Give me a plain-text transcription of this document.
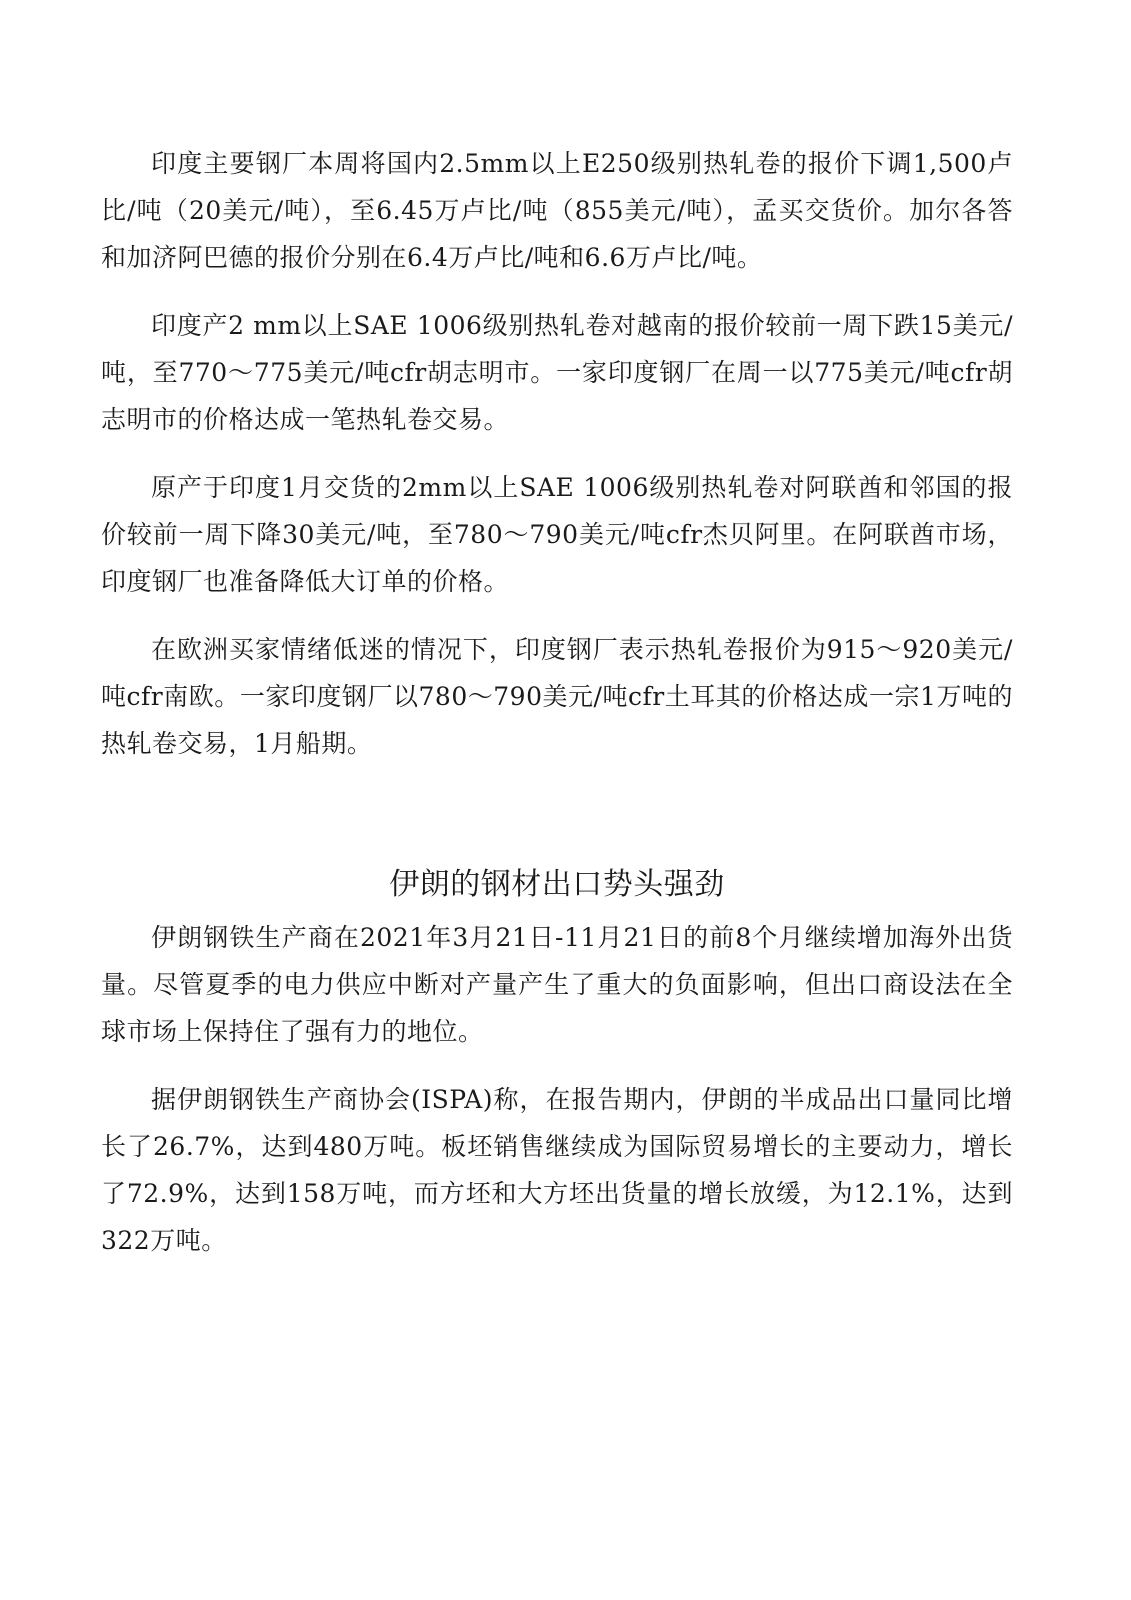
印度主要钢厂本周将国内2.5mm以上E250级别热轧卷的报价下调1,500卢比/吨（20美元/吨），至6.45万卢比/吨（855美元/吨），孟买交货价。加尔各答和加济阿巴德的报价分别在6.4万卢比/吨和6.6万卢比/吨。

印度产2 mm以上SAE 1006级别热轧卷对越南的报价较前一周下跌15美元/吨，至770～775美元/吨cfr胡志明市。一家印度钢厂在周一以775美元/吨cfr胡志明市的价格达成一笔热轧卷交易。

原产于印度1月交货的2mm以上SAE 1006级别热轧卷对阿联酋和邻国的报价较前一周下降30美元/吨，至780～790美元/吨cfr杰贝阿里。在阿联酋市场，印度钢厂也准备降低大订单的价格。

在欧洲买家情绪低迷的情况下，印度钢厂表示热轧卷报价为915～920美元/吨cfr南欧。一家印度钢厂以780～790美元/吨cfr土耳其的价格达成一宗1万吨的热轧卷交易，1月船期。

伊朗的钢材出口势头强劲

伊朗钢铁生产商在2021年3月21日-11月21日的前8个月继续增加海外出货量。尽管夏季的电力供应中断对产量产生了重大的负面影响，但出口商设法在全球市场上保持住了强有力的地位。

据伊朗钢铁生产商协会(ISPA)称，在报告期内，伊朗的半成品出口量同比增长了26.7%，达到480万吨。板坯销售继续成为国际贸易增长的主要动力，增长了72.9%，达到158万吨，而方坯和大方坯出货量的增长放缓，为12.1%，达到322万吨。
